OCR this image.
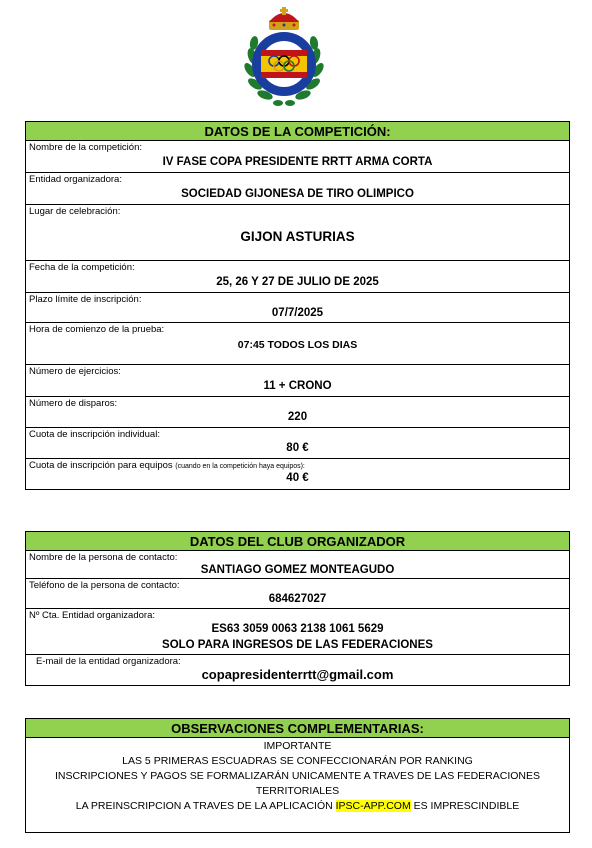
DATOS DE LA COMPETICIÓN:
Nombre de la competición:
IV FASE COPA PRESIDENTE RRTT ARMA CORTA
Entidad organizadora:
SOCIEDAD GIJONESA DE TIRO OLIMPICO
Lugar de celebración:
GIJON ASTURIAS
Fecha de la competición:
25, 26 Y 27 DE JULIO DE 2025
Plazo límite de inscripción:
07/7/2025
Hora de comienzo de la prueba:
07:45 TODOS LOS DIAS
Número de ejercicios:
11 + CRONO
Número de disparos:
220
Cuota de inscripción individual:
80 €
Cuota de inscripción para equipos (cuando en la competición haya equipos):
40 €
DATOS DEL CLUB ORGANIZADOR
Nombre de la persona de contacto:
SANTIAGO GOMEZ MONTEAGUDO
Teléfono de la persona de contacto:
684627027
Nº Cta. Entidad organizadora:
ES63 3059 0063 2138 1061 5629
SOLO PARA INGRESOS DE LAS FEDERACIONES
E-mail de la entidad organizadora:
copapresidenterrtt@gmail.com
OBSERVACIONES COMPLEMENTARIAS:
IMPORTANTE
LAS 5 PRIMERAS ESCUADRAS SE CONFECCIONARÁN POR RANKING
INSCRIPCIONES Y PAGOS SE FORMALIZARÁN UNICAMENTE A TRAVES DE LAS FEDERACIONES
TERRITORIALES
LA PREINSCRIPCION A TRAVES DE LA APLICACIÓN IPSC-APP.COM ES IMPRESCINDIBLE
